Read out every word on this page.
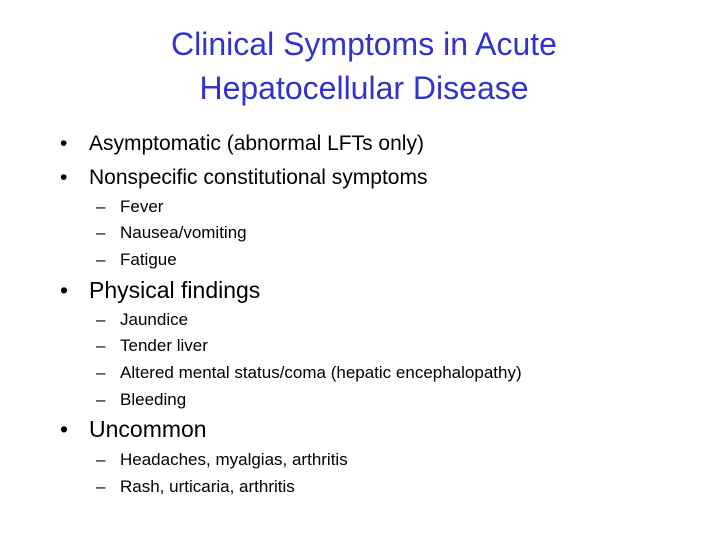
Clinical Symptoms in Acute
Hepatocellular Disease
• Asymptomatic (abnormal LFTs only)
• Nonspecific constitutional symptoms
– Fever
– Nausea/vomiting
– Fatigue
• Physical findings
– Jaundice
– Tender liver
– Altered mental status/coma (hepatic encephalopathy)
– Bleeding
• Uncommon
– Headaches, myalgias, arthritis
– Rash, urticaria, arthritis
